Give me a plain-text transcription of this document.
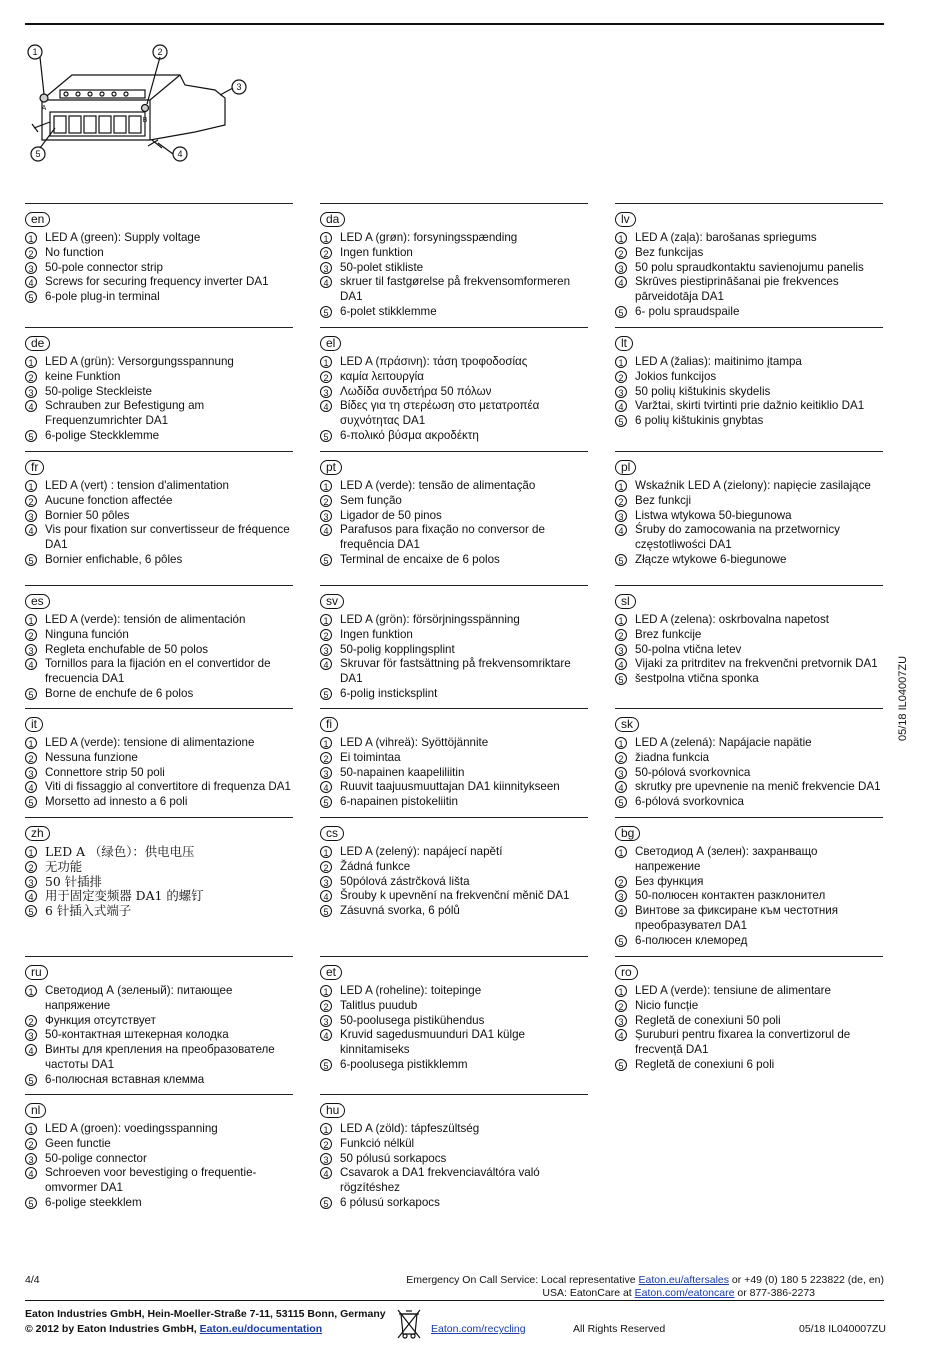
1	2
3
4
5
A
B
en
1 LED A (green): Supply voltage
2 No function
3 50-pole connector strip
4 Screws for securing frequency inverter DA1
5 6-pole plug-in terminal
da
1 LED A (grøn): forsyningsspænding
2 Ingen funktion
3 50-polet stikliste
4 skruer til fastgørelse på frekvensomformeren DA1
5 6-polet stikklemme
lv
1 LED A (zaļa): barošanas spriegums
2 Bez funkcijas
3 50 polu spraudkontaktu savienojumu panelis
4 Skrūves piestiprināšanai pie frekvences pārveidotāja DA1
5 6- polu spraudspaile
de
1 LED A (grün): Versorgungsspannung
2 keine Funktion
3 50-polige Steckleiste
4 Schrauben zur Befestigung am Frequenzumrichter DA1
5 6-polige Steckklemme
el
1 LED A (πράσινη): τάση τροφοδοσίας
2 καμία λειτουργία
3 Λωδίδα συνδετήρα 50 πόλων
4 Βίδες για τη στερέωση στο μετατροπέα συχνότητας DA1
5 6-πολικό βύσμα ακροδέκτη
lt
1 LED A (žalias): maitinimo įtampa
2 Jokios funkcijos
3 50 polių kištukinis skydelis
4 Varžtai, skirti tvirtinti prie dažnio keitiklio DA1
5 6 polių kištukinis gnybtas
fr
1 LED A (vert) : tension d'alimentation
2 Aucune fonction affectée
3 Bornier 50 pôles
4 Vis pour fixation sur convertisseur de fréquence DA1
5 Bornier enfichable, 6 pôles
pt
1 LED A (verde): tensão de alimentação
2 Sem função
3 Ligador de 50 pinos
4 Parafusos para fixação no conversor de frequência DA1
5 Terminal de encaixe de 6 polos
pl
1 Wskaźnik LED A (zielony): napięcie zasilające
2 Bez funkcji
3 Listwa wtykowa 50-biegunowa
4 Śruby do zamocowania na przetwornicy częstotliwości DA1
5 Złącze wtykowe 6-biegunowe
es
1 LED A (verde): tensión de alimentación
2 Ninguna función
3 Regleta enchufable de 50 polos
4 Tornillos para la fijación en el convertidor de frecuencia DA1
5 Borne de enchufe de 6 polos
sv
1 LED A (grön): försörjningsspänning
2 Ingen funktion
3 50-polig kopplingsplint
4 Skruvar för fastsättning på frekvensomriktare DA1
5 6-polig insticksplint
sl
1 LED A (zelena): oskrbovalna napetost
2 Brez funkcije
3 50-polna vtična letev
4 Vijaki za pritrditev na frekvenčni pretvornik DA1
5 šestpolna vtična sponka
it
1 LED A (verde): tensione di alimentazione
2 Nessuna funzione
3 Connettore strip 50 poli
4 Viti di fissaggio al convertitore di frequenza DA1
5 Morsetto ad innesto a 6 poli
fi
1 LED A (vihreä): Syöttöjännite
2 Ei toimintaa
3 50-napainen kaapeliliitin
4 Ruuvit taajuusmuuttajan DA1 kiinnitykseen
5 6-napainen pistokeliitin
sk
1 LED A (zelená): Napájacie napätie
2 žiadna funkcia
3 50-pólová svorkovnica
4 skrutky pre upevnenie na menič frekvencie DA1
5 6-pólová svorkovnica
zh
1 LED A （绿色）：供电电压
2 无功能
3 50 针插排
4 用于固定变频器 DA1 的螺钉
5 6 针插入式端子
cs
1 LED A (zelený): napájecí napětí
2 Žádná funkce
3 50pólová zástrčková lišta
4 Šrouby k upevnění na frekvenční měnič DA1
5 Zásuvná svorka, 6 pólů
bg
1 Светодиод А (зелен): захранващо напрежение
2 Без функция
3 50-полюсен контактен разклонител
4 Винтове за фиксиране към честотния преобразувател DA1
5 6-полюсен клеморед
ru
1 Светодиод А (зеленый): питающее напряжение
2 Функция отсутствует
3 50-контактная штекерная колодка
4 Винты для крепления на преобразователе частоты DA1
5 6-полюсная вставная клемма
et
1 LED A (roheline): toitepinge
2 Talitlus puudub
3 50-poolusega pistikühendus
4 Kruvid sagedusmuunduri DA1 külge kinnitamiseks
5 6-poolusega pistikklemm
ro
1 LED A (verde): tensiune de alimentare
2 Nicio funcție
3 Regletă de conexiuni 50 poli
4 Șuruburi pentru fixarea la convertizorul de frecvență DA1
5 Regletă de conexiuni 6 poli
nl
1 LED A (groen): voedingsspanning
2 Geen functie
3 50-polige connector
4 Schroeven voor bevestiging o frequentie-omvormer DA1
5 6-polige steekklem
hu
1 LED A (zöld): tápfeszültség
2 Funkció nélkül
3 50 pólusú sorkapocs
4 Csavarok a DA1 frekvenciaváltóra való rögzítéshez
5 6 pólusú sorkapocs
05/18 IL04007ZU
4/4	Emergency On Call Service: Local representative Eaton.eu/aftersales or +49 (0) 180 5 223822 (de, en)
USA: EatonCare at Eaton.com/eatoncare or 877-386-2273
Eaton Industries GmbH, Hein-Moeller-Straße 7-11, 53115 Bonn, Germany
© 2012 by Eaton Industries GmbH, Eaton.eu/documentation	Eaton.com/recycling	All Rights Reserved	05/18 IL040007ZU
